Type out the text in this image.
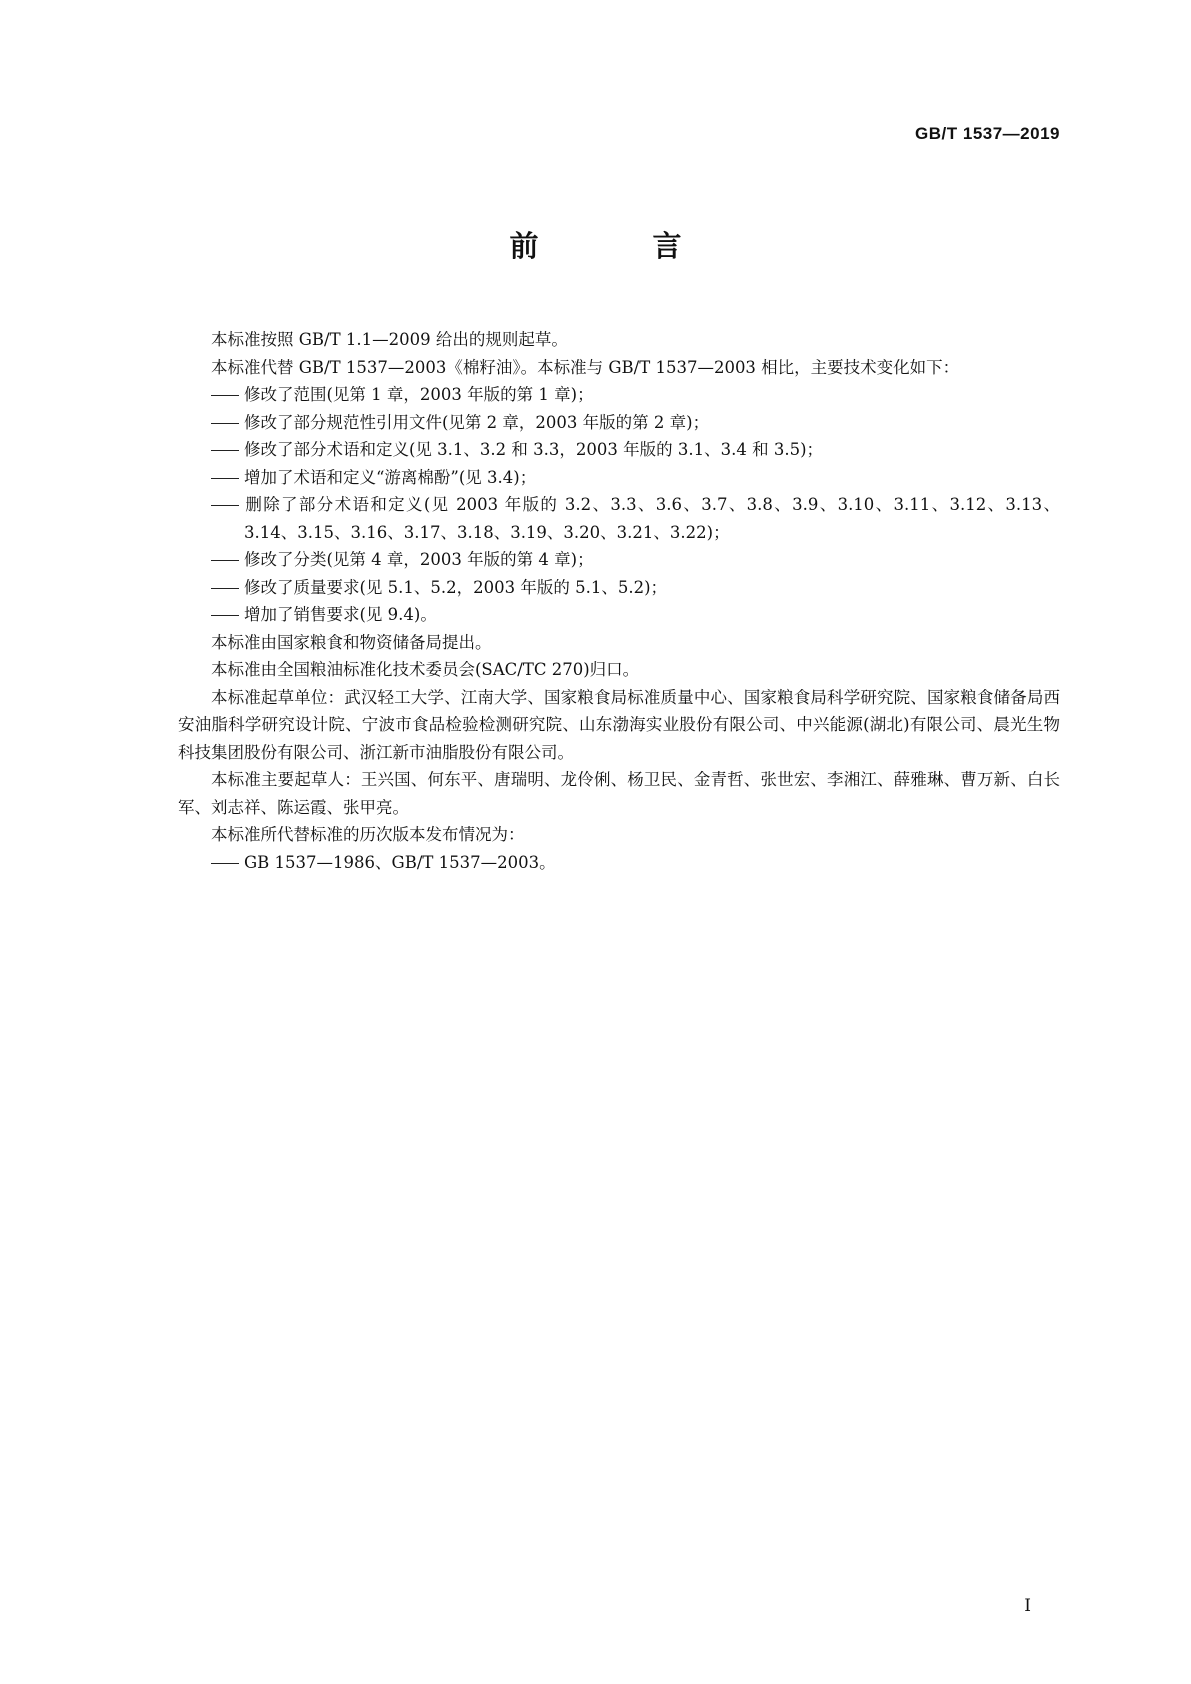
GB/T 1537—2019
前 言

本标准按照 GB/T 1.1—2009 给出的规则起草。

本标准代替 GB/T 1537—2003《棉籽油》。本标准与 GB/T 1537—2003 相比，主要技术变化如下：

修改了范围(见第 1 章，2003 年版的第 1 章)；

修改了部分规范性引用文件(见第 2 章，2003 年版的第 2 章)；

修改了部分术语和定义(见 3.1、3.2 和 3.3，2003 年版的 3.1、3.4 和 3.5)；

增加了术语和定义“游离棉酚”(见 3.4)；

删除了部分术语和定义(见 2003 年版的 3.2、3.3、3.6、3.7、3.8、3.9、3.10、3.11、3.12、3.13、3.14、3.15、3.16、3.17、3.18、3.19、3.20、3.21、3.22)；

修改了分类(见第 4 章，2003 年版的第 4 章)；

修改了质量要求(见 5.1、5.2，2003 年版的 5.1、5.2)；

增加了销售要求(见 9.4)。

本标准由国家粮食和物资储备局提出。

本标准由全国粮油标准化技术委员会(SAC/TC 270)归口。

本标准起草单位：武汉轻工大学、江南大学、国家粮食局标准质量中心、国家粮食局科学研究院、国家粮食储备局西安油脂科学研究设计院、宁波市食品检验检测研究院、山东渤海实业股份有限公司、中兴能源(湖北)有限公司、晨光生物科技集团股份有限公司、浙江新市油脂股份有限公司。

本标准主要起草人：王兴国、何东平、唐瑞明、龙伶俐、杨卫民、金青哲、张世宏、李湘江、薛雅琳、曹万新、白长军、刘志祥、陈运霞、张甲亮。

本标准所代替标准的历次版本发布情况为：

GB 1537—1986、GB/T 1537—2003。

I
